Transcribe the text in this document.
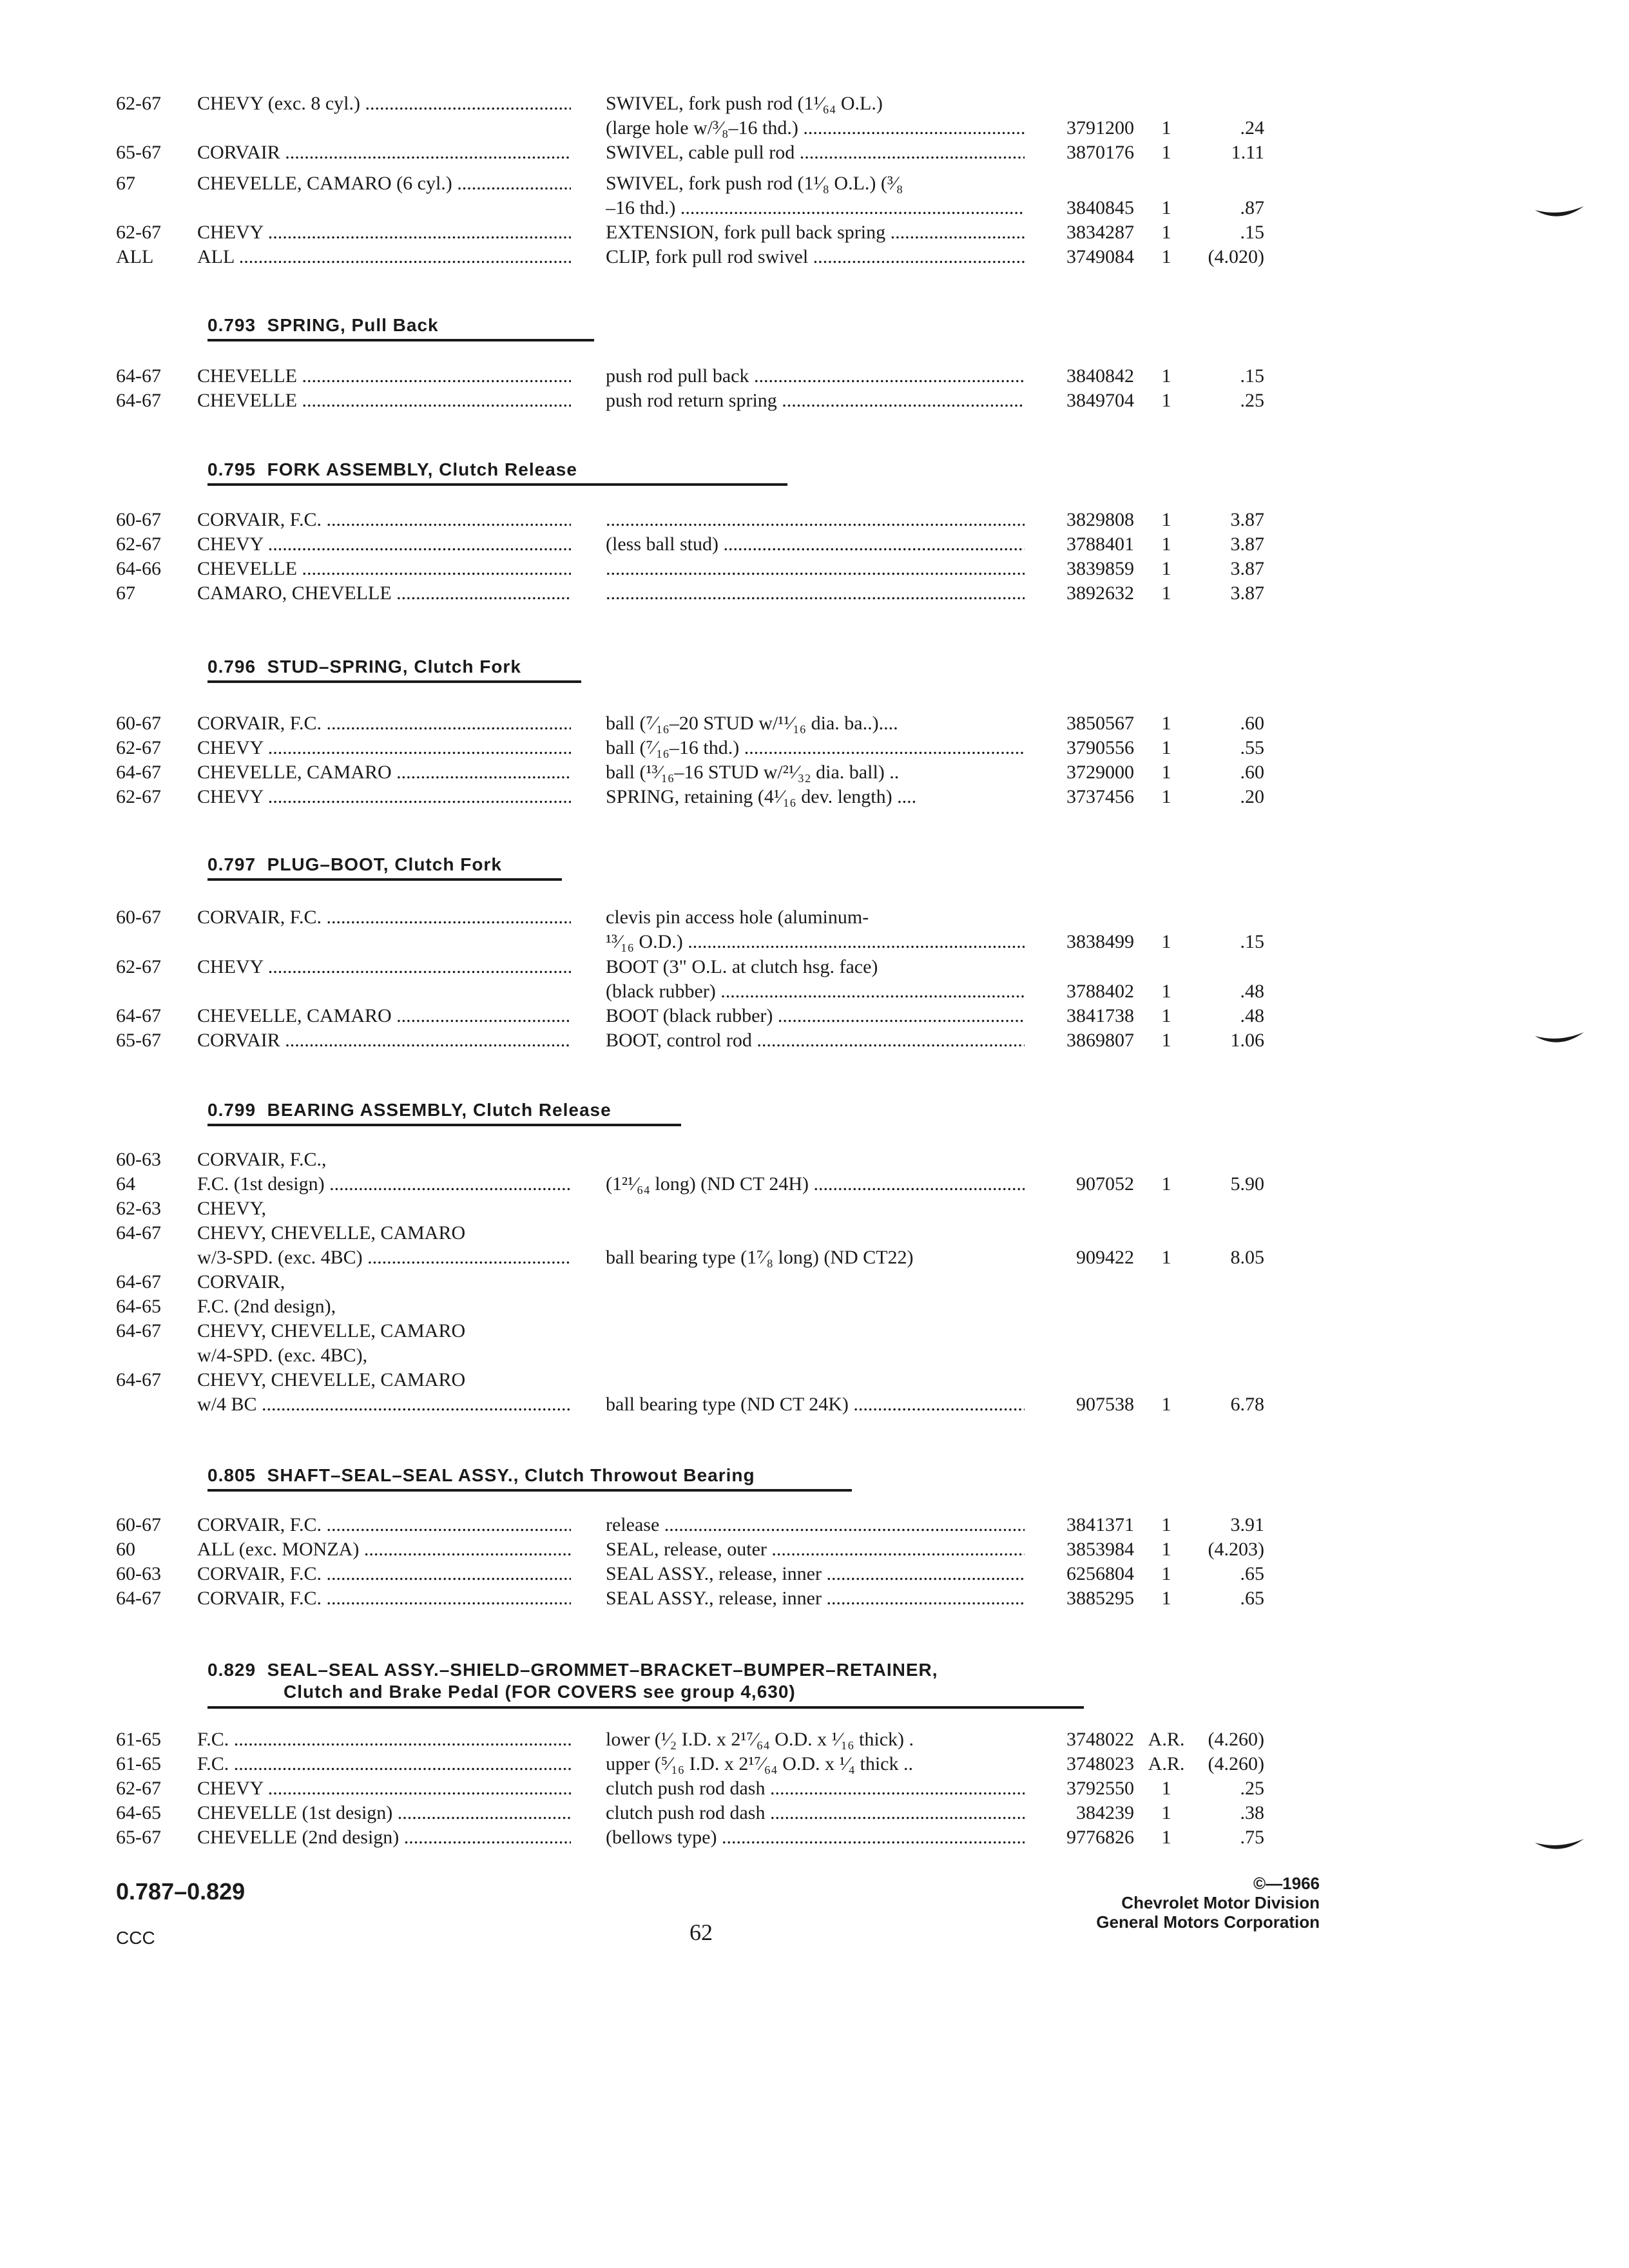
62-67 CHEVY (exc. 8 cyl.) .....	SWIVEL, fork push rod (1¹⁄₆₄ O.L.)
(large hole w/³⁄₈–16 thd.) .....	3791200	1	.24
65-67 CORVAIR .....	SWIVEL, cable pull rod .....	3870176	1	1.11
67	CHEVELLE, CAMARO (6 cyl.) .....	SWIVEL, fork push rod (1¹⁄₈ O.L.) (³⁄₈
–16 thd.) .....	3840845	1	.87
62-67 CHEVY .....	EXTENSION, fork pull back spring .....	3834287	1	.15
ALL ALL .....	CLIP, fork pull rod swivel .....	3749084	1	(4.020)
0.793 SPRING, Pull Back
64-67 CHEVELLE .....	push rod pull back .....	3840842	1	.15
64-67 CHEVELLE .....	push rod return spring .....	3849704	1	.25
0.795 FORK ASSEMBLY, Clutch Release
60-67 CORVAIR, F.C. ..... .....	3829808	1	3.87
62-67 CHEVY .....	(less ball stud) .....	3788401	1	3.87
64-66 CHEVELLE ..... .....	3839859	1	3.87
67	CAMARO, CHEVELLE ..... .....	3892632	1	3.87
0.796 STUD–SPRING, Clutch Fork
60-67 CORVAIR, F.C. .....	ball (⁷⁄₁₆–20 STUD w/¹¹⁄₁₆ dia. ba..)....	3850567	1	.60
62-67 CHEVY .....	ball (⁷⁄₁₆–16 thd.) .....	3790556	1	.55
64-67 CHEVELLE, CAMARO .....	ball (¹³⁄₁₆–16 STUD w/²¹⁄₃₂ dia. ball) ..	3729000	1	.60
62-67 CHEVY .....	SPRING, retaining (4¹⁄₁₆ dev. length) ....	3737456	1	.20
0.797 PLUG–BOOT, Clutch Fork
60-67 CORVAIR, F.C. .....	clevis pin access hole (aluminum-
¹³⁄₁₆ O.D.) .....	3838499	1	.15
62-67 CHEVY .....	BOOT (3" O.L. at clutch hsg. face)
(black rubber) .....	3788402	1	.48
64-67 CHEVELLE, CAMARO .....	BOOT (black rubber) .....	3841738	1	.48
65-67 CORVAIR .....	BOOT, control rod .....	3869807	1	1.06
0.799 BEARING ASSEMBLY, Clutch Release
60-63 CORVAIR, F.C.,
64	F.C. (1st design) .....	(1²¹⁄₆₄ long) (ND CT 24H) .....	907052	1	5.90
62-63 CHEVY,
64-67 CHEVY, CHEVELLE, CAMARO
w/3-SPD. (exc. 4BC) .....	ball bearing type (1⁷⁄₈ long) (ND CT22)	909422	1	8.05
64-67 CORVAIR,
64-65 F.C. (2nd design),
64-67 CHEVY, CHEVELLE, CAMARO
w/4-SPD. (exc. 4BC),
64-67 CHEVY, CHEVELLE, CAMARO
w/4 BC .....	ball bearing type (ND CT 24K) .....	907538	1	6.78
0.805 SHAFT–SEAL–SEAL ASSY., Clutch Throwout Bearing
60-67 CORVAIR, F.C. .....	release .....	3841371	1	3.91
60	ALL (exc. MONZA) .....	SEAL, release, outer .....	3853984	1	(4.203)
60-63 CORVAIR, F.C. .....	SEAL ASSY., release, inner .....	6256804	1	.65
64-67 CORVAIR, F.C. .....	SEAL ASSY., release, inner .....	3885295	1	.65
0.829 SEAL–SEAL ASSY.–SHIELD–GROMMET–BRACKET–BUMPER–RETAINER,
Clutch and Brake Pedal (FOR COVERS see group 4,630)
61-65 F.C. .....	lower (¹⁄₂ I.D. x 2¹⁷⁄₆₄ O.D. x ¹⁄₁₆ thick) .	3748022 A.R.	(4.260)
61-65 F.C. .....	upper (⁵⁄₁₆ I.D. x 2¹⁷⁄₆₄ O.D. x ¹⁄₄ thick ..	3748023 A.R.	(4.260)
62-67 CHEVY .....	clutch push rod dash .....	3792550	1	.25
64-65 CHEVELLE (1st design) .....	clutch push rod dash .....	384239	1	.38
65-67 CHEVELLE (2nd design) .....	(bellows type) .....	9776826	1	.75
0.787–0.829
CCC	62
©—1966
Chevrolet Motor Division
General Motors Corporation
